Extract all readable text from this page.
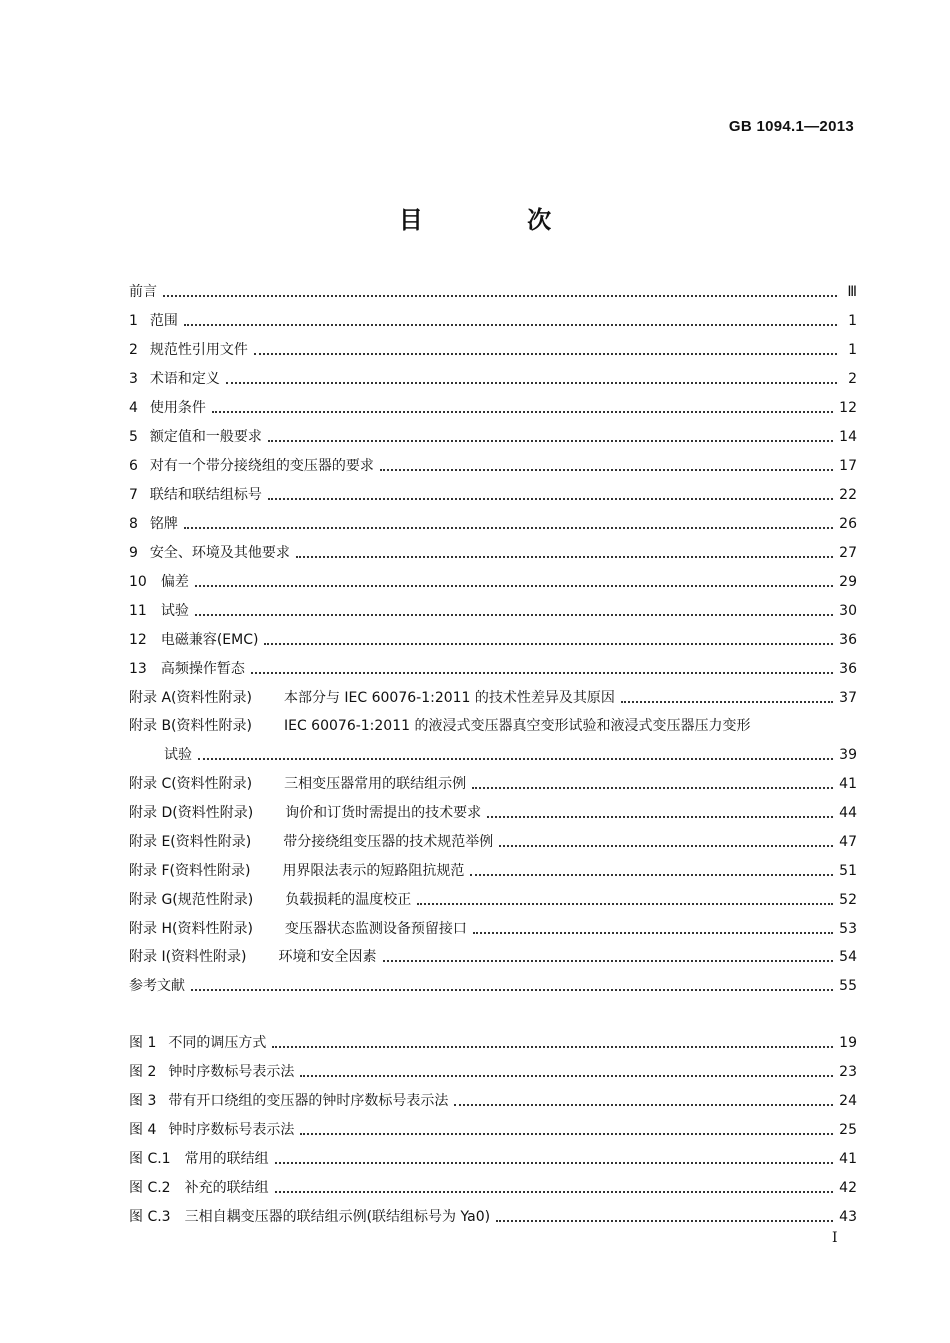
GB 1094.1—2013
目 次
前言	Ⅲ
1 范围	1
2 规范性引用文件	1
3 术语和定义	2
4 使用条件	12
5 额定值和一般要求	14
6 对有一个带分接绕组的变压器的要求	17
7 联结和联结组标号	22
8 铭牌	26
9 安全、环境及其他要求	27
10 偏差	29
11 试验	30
12 电磁兼容(EMC)	36
13 高频操作暂态	36
附录 A(资料性附录) 本部分与 IEC 60076-1:2011 的技术性差异及其原因	37
附录 B(资料性附录) IEC 60076-1:2011 的液浸式变压器真空变形试验和液浸式变压器压力变形
试验	39
附录 C(资料性附录) 三相变压器常用的联结组示例	41
附录 D(资料性附录) 询价和订货时需提出的技术要求	44
附录 E(资料性附录) 带分接绕组变压器的技术规范举例	47
附录 F(资料性附录) 用界限法表示的短路阻抗规范	51
附录 G(规范性附录) 负载损耗的温度校正	52
附录 H(资料性附录) 变压器状态监测设备预留接口	53
附录 I(资料性附录) 环境和安全因素	54
参考文献	55
图 1 不同的调压方式	19
图 2 钟时序数标号表示法	23
图 3 带有开口绕组的变压器的钟时序数标号表示法	24
图 4 钟时序数标号表示法	25
图 C.1 常用的联结组	41
图 C.2 补充的联结组	42
图 C.3 三相自耦变压器的联结组示例(联结组标号为 Ya0)	43
I
